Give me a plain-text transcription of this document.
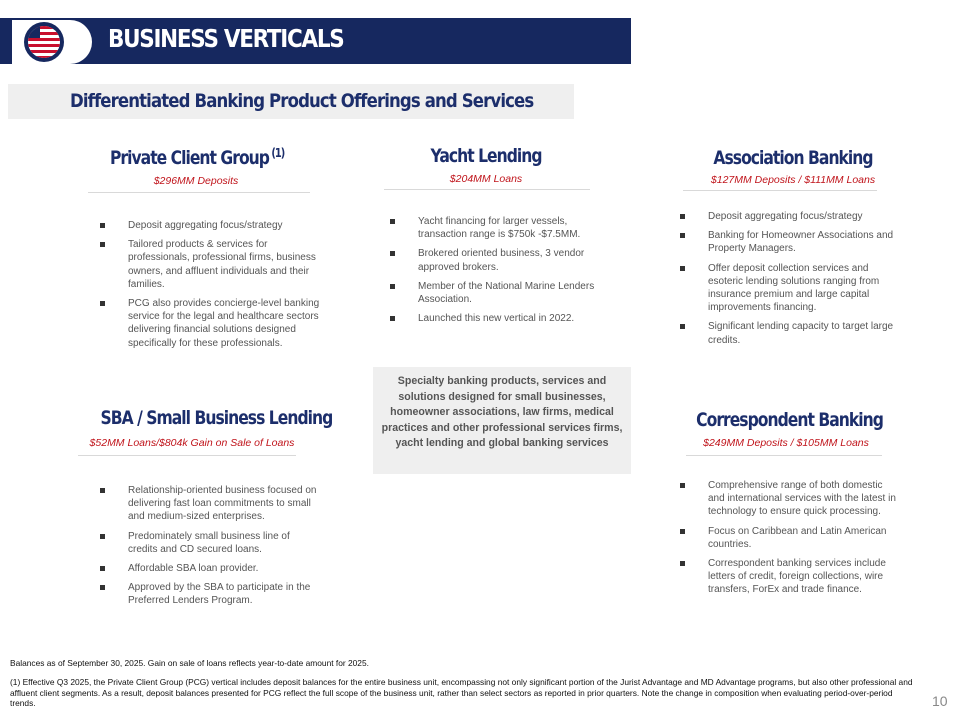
BUSINESS VERTICALS
Differentiated Banking Product Offerings and Services
Private Client Group $^{(1)}$
$296MM Deposits
Deposit aggregating focus/strategy
Tailored products & services for professionals, professional firms, business owners, and affluent individuals and their families.
PCG also provides concierge-level banking service for the legal and healthcare sectors delivering financial solutions designed specifically for these professionals.
Yacht Lending
$204MM Loans
Yacht financing for larger vessels, transaction range is $750k -$7.5MM.
Brokered oriented business, 3 vendor approved brokers.
Member of the National Marine Lenders Association.
Launched this new vertical in 2022.
Association Banking
$127MM Deposits / $111MM Loans
Deposit aggregating focus/strategy
Banking for Homeowner Associations and Property Managers.
Offer deposit collection services and esoteric lending solutions ranging from insurance premium and large capital improvements financing.
Significant lending capacity to target large credits.
Specialty banking products, services and solutions designed for small businesses, homeowner associations, law firms, medical practices and other professional services firms, yacht lending and global banking services
SBA / Small Business Lending
$52MM Loans/$804k Gain on Sale of Loans
Relationship-oriented business focused on delivering fast loan commitments to small and medium-sized enterprises.
Predominately small business line of credits and CD secured loans.
Affordable SBA loan provider.
Approved by the SBA to participate in the Preferred Lenders Program.
Correspondent Banking
$249MM Deposits / $105MM Loans
Comprehensive range of both domestic and international services with the latest in technology to ensure quick processing.
Focus on Caribbean and Latin American countries.
Correspondent banking services include letters of credit, foreign collections, wire transfers, ForEx and trade finance.
Balances as of September 30, 2025. Gain on sale of loans reflects year-to-date amount for 2025.
(1) Effective Q3 2025, the Private Client Group (PCG) vertical includes deposit balances for the entire business unit, encompassing not only significant portion of the Jurist Advantage and MD Advantage programs, but also other professional and affluent client segments. As a result, deposit balances presented for PCG reflect the full scope of the business unit, rather than select sectors as reported in prior quarters. Note the change in composition when evaluating period-over-period trends.	10
